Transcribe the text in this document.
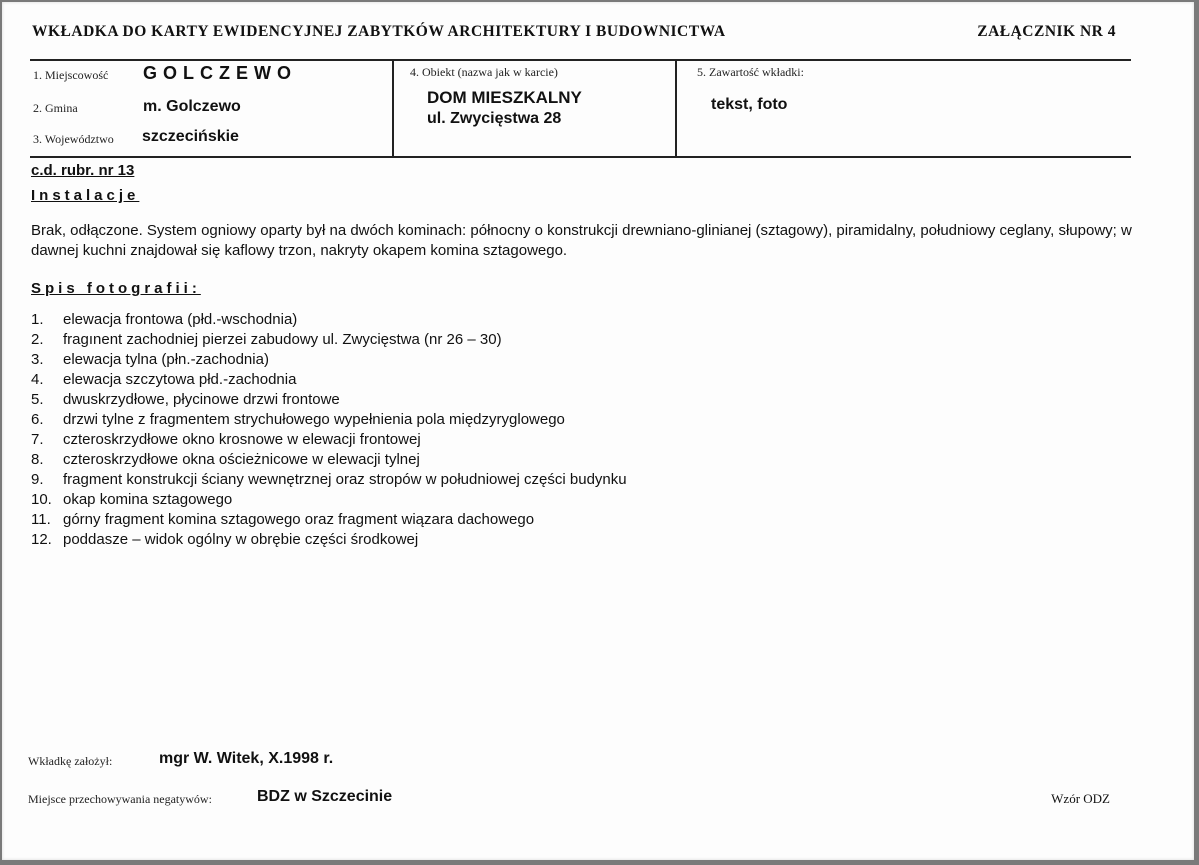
WKŁADKA DO KARTY EWIDENCYJNEJ ZABYTKÓW ARCHITEKTURY I BUDOWNICTWA	ZAŁĄCZNIK NR 4
1. Miejscowość GOLCZEWO
2. Gmina	m. Golczewo
3. Województwo szczecińskie
4. Obiekt (nazwa jak w karcie)
DOM MIESZKALNY
ul. Zwycięstwa 28
5. Zawartość wkładki:
tekst, foto
c.d. rubr. nr 13
Instalacje
Brak, odłączone. System ogniowy oparty był na dwóch kominach: północny o konstrukcji drewniano-glinianej (sztagowy), piramidalny, południowy ceglany, słupowy; w dawnej kuchni znajdował się kaflowy trzon, nakryty okapem komina sztagowego.
Spis fotografii:
1. elewacja frontowa (płd.-wschodnia)
2. fragınent zachodniej pierzei zabudowy ul. Zwycięstwa (nr 26 – 30)
3. elewacja tylna (płn.-zachodnia)
4. elewacja szczytowa płd.-zachodnia
5. dwuskrzydłowe, płycinowe drzwi frontowe
6. drzwi tylne z fragmentem strychułowego wypełnienia pola międzyryglowego
7. czteroskrzydłowe okno krosnowe w elewacji frontowej
8. czteroskrzydłowe okna ościeżnicowe w elewacji tylnej
9. fragment konstrukcji ściany wewnętrznej oraz stropów w południowej części budynku
10. okap komina sztagowego
11. górny fragment komina sztagowego oraz fragment wiązara dachowego
12. poddasze – widok ogólny w obrębie części środkowej
Wkładkę założył:	mgr W. Witek, X.1998 r.
Miejsce przechowywania negatywów:	BDZ w Szczecinie	Wzór ODZ
